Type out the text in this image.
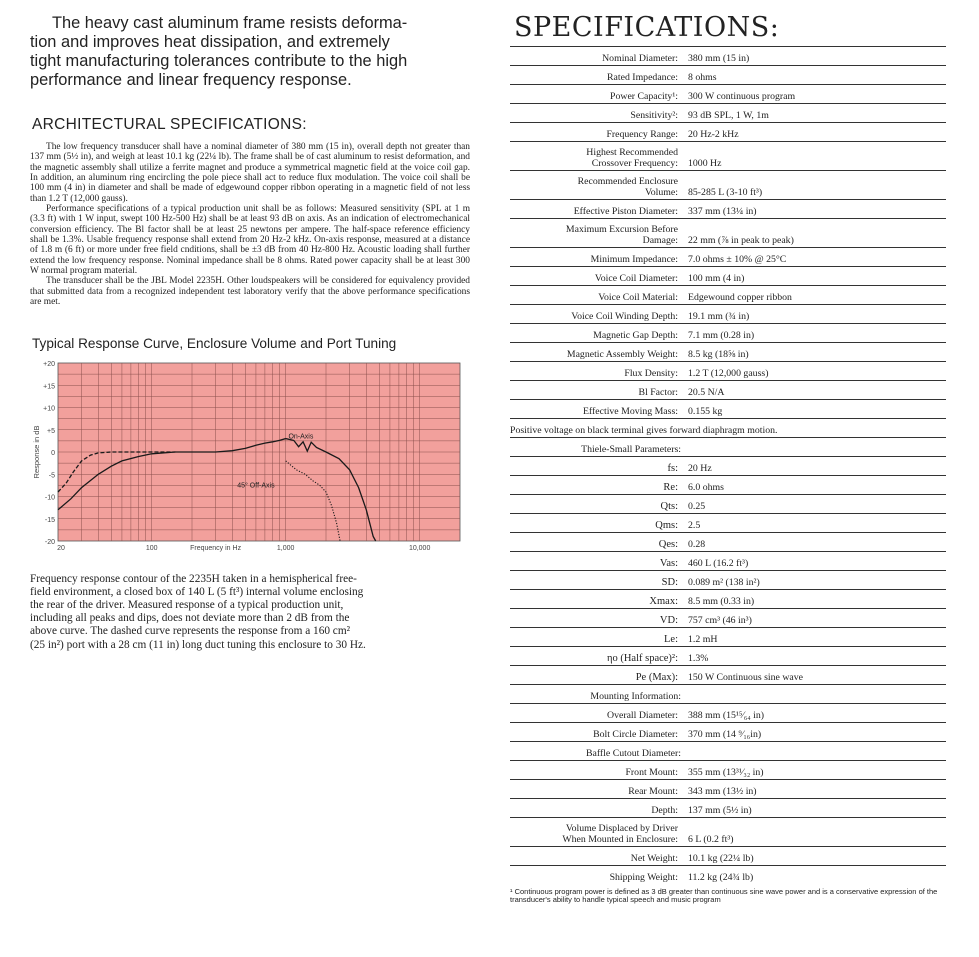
The heavy cast aluminum frame resists deforma-
tion and improves heat dissipation, and extremely
tight manufacturing tolerances contribute to the high
performance and linear frequency response.

ARCHITECTURAL SPECIFICATIONS:

The low frequency transducer shall have a nominal diameter of 380 mm (15 in), overall depth not greater than 137 mm (5½ in), and weigh at least 10.1 kg (22¼ lb). The frame shall be of cast aluminum to resist deformation, and the magnetic assembly shall utilize a ferrite magnet and produce a symmetrical magnetic field at the voice coil gap. In addition, an aluminum ring encircling the pole piece shall act to reduce flux modulation. The voice coil shall be 100 mm (4 in) in diameter and shall be made of edgewound copper ribbon operating in a magnetic field of not less than 1.2 T (12,000 gauss).

Performance specifications of a typical production unit shall be as follows: Measured sensitivity (SPL at 1 m (3.3 ft) with 1 W input, swept 100 Hz-500 Hz) shall be at least 93 dB on axis. As an indication of electromechanical conversion efficiency. The Bl factor shall be at least 25 newtons per ampere. The half-space reference efficiency shall be 1.3%. Usable frequency response shall extend from 20 Hz-2 kHz. On-axis response, measured at a distance of 1.8 m (6 ft) or more under free field cnditions, shall be ±3 dB from 40 Hz-800 Hz. Acoustic loading shall further extend the low frequency response. Nominal impedance shall be 8 ohms. Rated power capacity shall be at least 300 W normal program material.

The transducer shall be the JBL Model 2235H. Other loudspeakers will be considered for equivalency provided that submitted data from a recognized independent test laboratory verify that the above performance specifications are met.

Typical Response Curve, Enclosure Volume and Port Tuning
+20
+15
+10
+5
0
-5
-10
-15
-20
20	100	1,000	10,000
Frequency in Hz
Response in dB	On-Axis
45° Off-Axis

Frequency response contour of the 2235H taken in a hemispherical free-
field environment, a closed box of 140 L (5 ft³) internal volume enclosing
the rear of the driver. Measured response of a typical production unit,
including all peaks and dips, does not deviate more than 2 dB from the
above curve. The dashed curve represents the response from a 160 cm²
(25 in²) port with a 28 cm (11 in) long duct tuning this enclosure to 30 Hz.

SPECIFICATIONS:
Nominal Diameter:	380 mm (15 in)
Rated Impedance:	8 ohms
Power Capacity¹:	300 W continuous program
Sensitivity²:	93 dB SPL, 1 W, 1m
Frequency Range:	20 Hz-2 kHz
Highest Recommended
Crossover Frequency:	1000 Hz
Recommended Enclosure
Volume:	85-285 L (3-10 ft³)
Effective Piston Diameter:	337 mm (13¼ in)
Maximum Excursion Before
Damage:	22 mm (⅞ in peak to peak)
Minimum Impedance:	7.0 ohms ± 10% @ 25°C
Voice Coil Diameter:	100 mm (4 in)
Voice Coil Material:	Edgewound copper ribbon
Voice Coil Winding Depth:	19.1 mm (¾ in)
Magnetic Gap Depth:	7.1 mm (0.28 in)
Magnetic Assembly Weight:	8.5 kg (18⅝ in)
Flux Density:	1.2 T (12,000 gauss)
Bl Factor:	20.5 N/A
Effective Moving Mass:	0.155 kg
Positive voltage on black terminal gives forward diaphragm motion.	
Thiele-Small Parameters:	
fs:	20 Hz
Re:	6.0 ohms
Qts:	0.25
Qms:	2.5
Qes:	0.28
Vas:	460 L (16.2 ft³)
SD:	0.089 m² (138 in²)
Xmax:	8.5 mm (0.33 in)
VD:	757 cm³ (46 in³)
Le:	1.2 mH
ηo (Half space)²:	1.3%
Pe (Max):	150 W Continuous sine wave
Mounting Information:	
Overall Diameter:	388 mm (15¹⁵⁄₆₄ in)
Bolt Circle Diameter:	370 mm (14 ⁹⁄₁₆in)
Baffle Cutout Diameter:	
Front Mount:	355 mm (13³¹⁄₃₂ in)
Rear Mount:	343 mm (13½ in)
Depth:	137 mm (5½ in)
Volume Displaced by Driver
When Mounted in Enclosure:	6 L (0.2 ft³)
Net Weight:	10.1 kg (22¼ lb)
Shipping Weight:	11.2 kg (24¾ lb)

¹ Continuous program power is defined as 3 dB greater than continuous sine wave power and is a conservative expression of the transducer's ability to handle typical speech and music program
